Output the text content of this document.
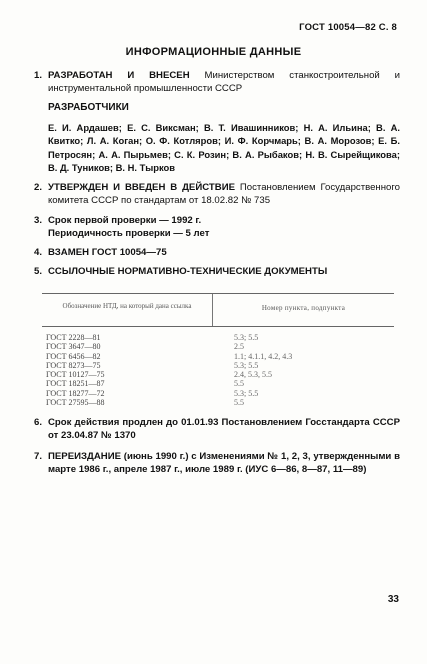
ГОСТ 10054—82 С. 8
ИНФОРМАЦИОННЫЕ ДАННЫЕ
1. РАЗРАБОТАН И ВНЕСЕН Министерством станкостроительной и инструментальной промышленности СССР
РАЗРАБОТЧИКИ
Е. И. Ардашев; Е. С. Виксман; В. Т. Ивашинников; Н. А. Ильина; В. А. Квитко; Л. А. Коган; О. Ф. Котляров; И. Ф. Корчмарь; В. А. Морозов; Е. Б. Петросян; А. А. Пырьмев; С. К. Розин; В. А. Рыбаков; Н. В. Сырейщикова; В. Д. Туников; В. Н. Тырков
2. УТВЕРЖДЕН И ВВЕДЕН В ДЕЙСТВИЕ Постановлением Государственного комитета СССР по стандартам от 18.02.82 № 735
3. Срок первой проверки — 1992 г.
Периодичность проверки — 5 лет
4. ВЗАМЕН ГОСТ 10054—75
5. ССЫЛОЧНЫЕ НОРМАТИВНО-ТЕХНИЧЕСКИЕ ДОКУМЕНТЫ
Обозначение НТД, на который дана ссылка	Номер пункта, подпункта
ГОСТ 2228—81	5.3; 5.5
ГОСТ 3647—80	2.5
ГОСТ 6456—82	1.1; 4.1.1, 4.2, 4.3
ГОСТ 8273—75	5.3; 5.5
ГОСТ 10127—75	2.4, 5.3, 5.5
ГОСТ 18251—87	5.5
ГОСТ 18277—72	5.3; 5.5
ГОСТ 27595—88	5.5
6. Срок действия продлен до 01.01.93 Постановлением Госстандарта СССР от 23.04.87 № 1370
7. ПЕРЕИЗДАНИЕ (июнь 1990 г.) с Изменениями № 1, 2, 3, утвержденными в марте 1986 г., апреле 1987 г., июле 1989 г. (ИУС 6—86, 8—87, 11—89)
33
